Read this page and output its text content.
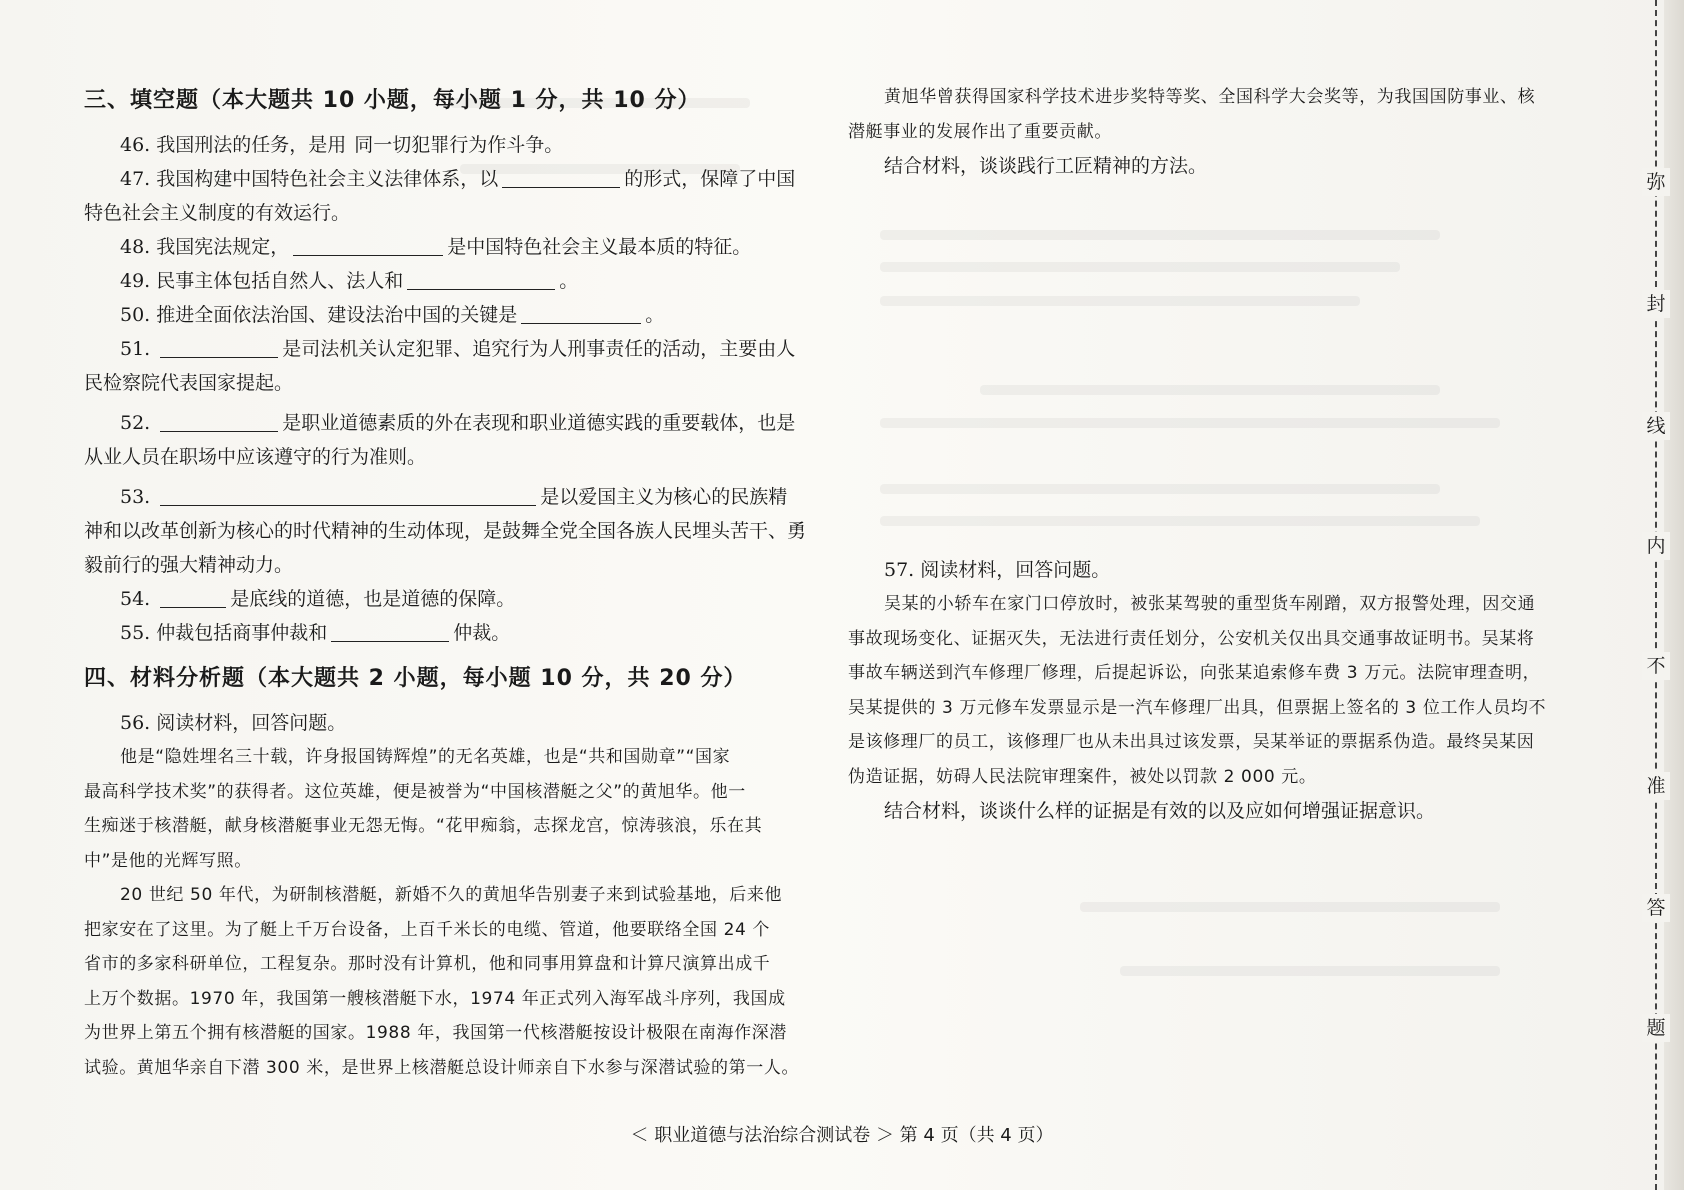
三、填空题（本大题共 10 小题，每小题 1 分，共 10 分）

46. 我国刑法的任务，是用 同一切犯罪行为作斗争。

47. 我国构建中国特色社会主义法律体系，以	的形式，保障了中国

特色社会主义制度的有效运行。

48. 我国宪法规定，	是中国特色社会主义最本质的特征。

49. 民事主体包括自然人、法人和	。

50. 推进全面依法治国、建设法治中国的关键是	。

51.	是司法机关认定犯罪、追究行为人刑事责任的活动，主要由人

民检察院代表国家提起。

52.	是职业道德素质的外在表现和职业道德实践的重要载体，也是

从业人员在职场中应该遵守的行为准则。

53.	是以爱国主义为核心的民族精

神和以改革创新为核心的时代精神的生动体现，是鼓舞全党全国各族人民埋头苦干、勇

毅前行的强大精神动力。

54.	是底线的道德，也是道德的保障。

55. 仲裁包括商事仲裁和	仲裁。

四、材料分析题（本大题共 2 小题，每小题 10 分，共 20 分）

56. 阅读材料，回答问题。

他是“隐姓埋名三十载，许身报国铸辉煌”的无名英雄，也是“共和国勋章”“国家

最高科学技术奖”的获得者。这位英雄，便是被誉为“中国核潜艇之父”的黄旭华。他一

生痴迷于核潜艇，献身核潜艇事业无怨无悔。“花甲痴翁，志探龙宫，惊涛骇浪，乐在其

中”是他的光辉写照。

20 世纪 50 年代，为研制核潜艇，新婚不久的黄旭华告别妻子来到试验基地，后来他

把家安在了这里。为了艇上千万台设备，上百千米长的电缆、管道，他要联络全国 24 个

省市的多家科研单位，工程复杂。那时没有计算机，他和同事用算盘和计算尺演算出成千

上万个数据。1970 年，我国第一艘核潜艇下水，1974 年正式列入海军战斗序列，我国成

为世界上第五个拥有核潜艇的国家。1988 年，我国第一代核潜艇按设计极限在南海作深潜

试验。黄旭华亲自下潜 300 米，是世界上核潜艇总设计师亲自下水参与深潜试验的第一人。

黄旭华曾获得国家科学技术进步奖特等奖、全国科学大会奖等，为我国国防事业、核

潜艇事业的发展作出了重要贡献。

结合材料，谈谈践行工匠精神的方法。

57. 阅读材料，回答问题。

吴某的小轿车在家门口停放时，被张某驾驶的重型货车剐蹭，双方报警处理，因交通

事故现场变化、证据灭失，无法进行责任划分，公安机关仅出具交通事故证明书。吴某将

事故车辆送到汽车修理厂修理，后提起诉讼，向张某追索修车费 3 万元。法院审理查明，

吴某提供的 3 万元修车发票显示是一汽车修理厂出具，但票据上签名的 3 位工作人员均不

是该修理厂的员工，该修理厂也从未出具过该发票，吴某举证的票据系伪造。最终吴某因

伪造证据，妨碍人民法院审理案件，被处以罚款 2 000 元。

结合材料，谈谈什么样的证据是有效的以及应如何增强证据意识。

＜ 职业道德与法治综合测试卷 ＞ 第 4 页（共 4 页）
弥
封
线
内
不
准
答
题
